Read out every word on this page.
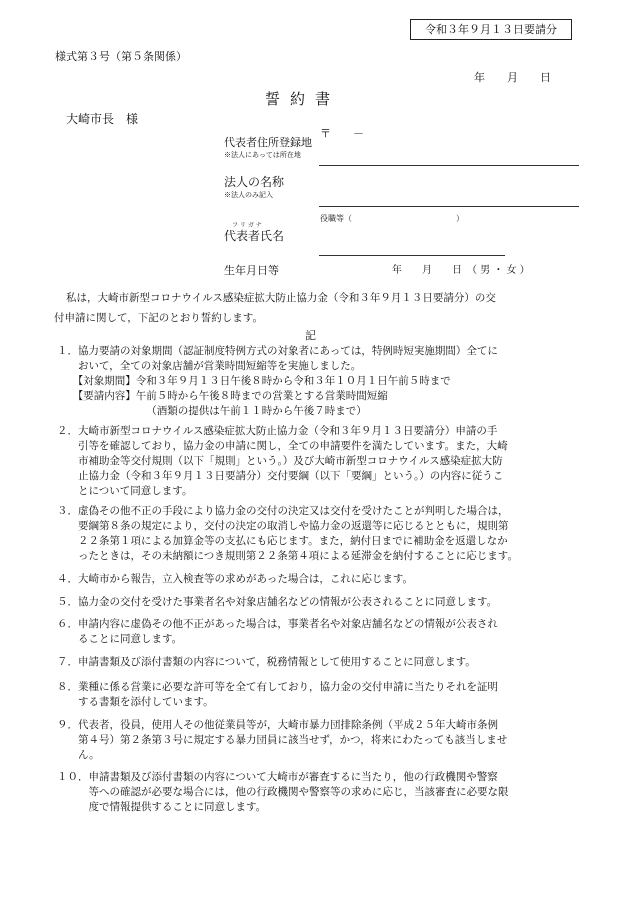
令和３年９月１３日要請分
様式第３号（第５条関係）
年　　月　　日
誓約書
大崎市長　様
代表者住所登録地
※法人にあっては所在地
〒　　－
法人の名称
※法人のみ記入
役職等（　　　　　　　　　　　　　）
フ リ ガ ナ
代表者氏名
生年月日等	年　　月　　日　（ 男 ・ 女 ）
私は，大崎市新型コロナウイルス感染症拡大防止協力金（令和３年９月１３日要請分）の交
付申請に関して，下記のとおり誓約します。
記
１．協力要請の対象期間（認証制度特例方式の対象者にあっては，特例時短実施期間）全てに
　　おいて，全ての対象店舗が営業時間短縮等を実施しました。
　　【対象期間】令和３年９月１３日午後８時から令和３年１０月１日午前５時まで
　　【要請内容】午前５時から午後８時までの営業とする営業時間短縮
　　　　　　　　　（酒類の提供は午前１１時から午後７時まで）
２．大崎市新型コロナウイルス感染症拡大防止協力金（令和３年９月１３日要請分）申請の手
　　引等を確認しており，協力金の申請に関し，全ての申請要件を満たしています。また，大崎
　　市補助金等交付規則（以下「規則」という。）及び大崎市新型コロナウイルス感染症拡大防
　　止協力金（令和３年９月１３日要請分）交付要綱（以下「要綱」という。）の内容に従うこ
　　とについて同意します。
３．虚偽その他不正の手段により協力金の交付の決定又は交付を受けたことが判明した場合は，
　　要綱第８条の規定により，交付の決定の取消しや協力金の返還等に応じるとともに，規則第
　　２２条第１項による加算金等の支払にも応じます。また，納付日までに補助金を返還しなか
　　ったときは，その未納額につき規則第２２条第４項による延滞金を納付することに応じます。
４．大崎市から報告，立入検査等の求めがあった場合は，これに応じます。
５．協力金の交付を受けた事業者名や対象店舗名などの情報が公表されることに同意します。
６．申請内容に虚偽その他不正があった場合は，事業者名や対象店舗名などの情報が公表され
　　ることに同意します。
７．申請書類及び添付書類の内容について，税務情報として使用することに同意します。
８．業種に係る営業に必要な許可等を全て有しており，協力金の交付申請に当たりそれを証明
　　する書類を添付しています。
９．代表者，役員，使用人その他従業員等が，大崎市暴力団排除条例（平成２５年大崎市条例
　　第４号）第２条第３号に規定する暴力団員に該当せず，かつ，将来にわたっても該当しませ
　　ん。
１０．申請書類及び添付書類の内容について大崎市が審査するに当たり，他の行政機関や警察
　　　等への確認が必要な場合には，他の行政機関や警察等の求めに応じ，当該審査に必要な限
　　　度で情報提供することに同意します。
